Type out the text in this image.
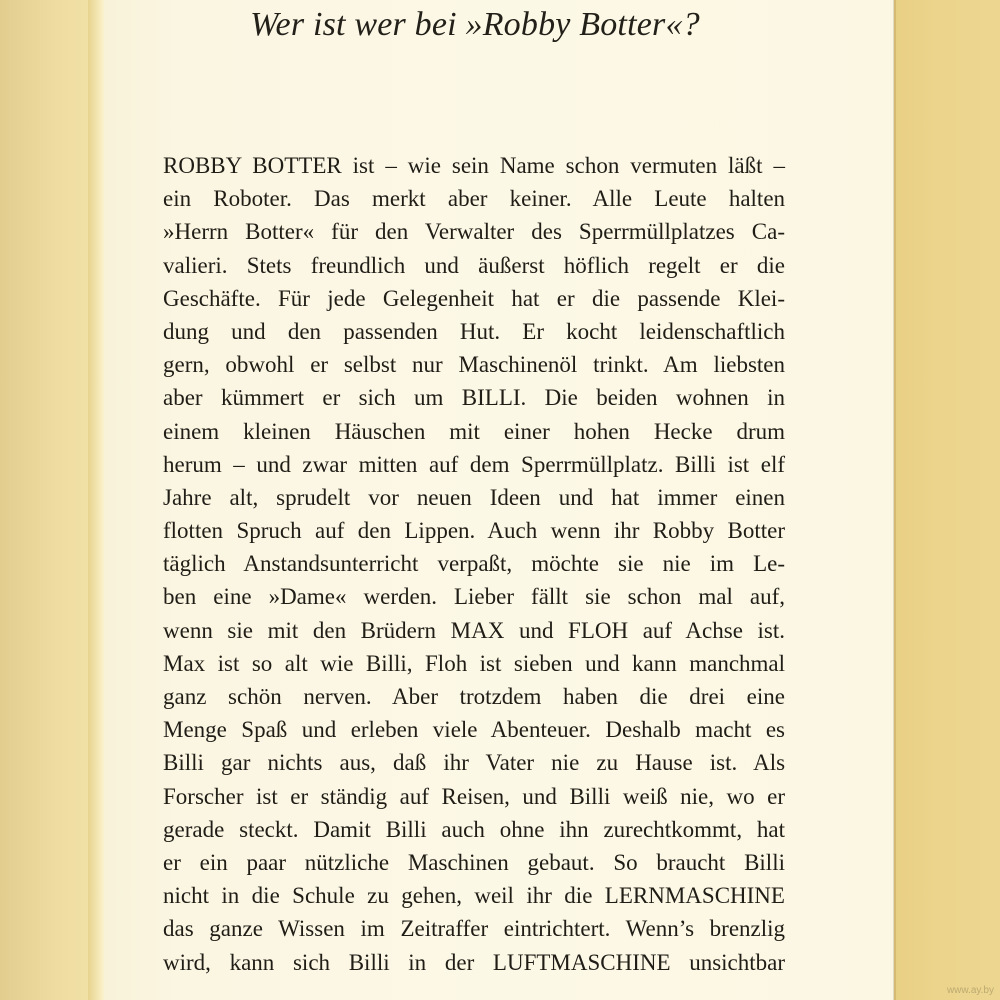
Wer ist wer bei »Robby Botter«?
ROBBY BOTTER ist – wie sein Name schon vermuten läßt –
ein Roboter. Das merkt aber keiner. Alle Leute halten
»Herrn Botter« für den Verwalter des Sperrmüllplatzes Ca-
valieri. Stets freundlich und äußerst höflich regelt er die
Geschäfte. Für jede Gelegenheit hat er die passende Klei-
dung und den passenden Hut. Er kocht leidenschaftlich
gern, obwohl er selbst nur Maschinenöl trinkt. Am liebsten
aber kümmert er sich um BILLI. Die beiden wohnen in
einem kleinen Häuschen mit einer hohen Hecke drum
herum – und zwar mitten auf dem Sperrmüllplatz. Billi ist elf
Jahre alt, sprudelt vor neuen Ideen und hat immer einen
flotten Spruch auf den Lippen. Auch wenn ihr Robby Botter
täglich Anstandsunterricht verpaßt, möchte sie nie im Le-
ben eine »Dame« werden. Lieber fällt sie schon mal auf,
wenn sie mit den Brüdern MAX und FLOH auf Achse ist.
Max ist so alt wie Billi, Floh ist sieben und kann manchmal
ganz schön nerven. Aber trotzdem haben die drei eine
Menge Spaß und erleben viele Abenteuer. Deshalb macht es
Billi gar nichts aus, daß ihr Vater nie zu Hause ist. Als
Forscher ist er ständig auf Reisen, und Billi weiß nie, wo er
gerade steckt. Damit Billi auch ohne ihn zurechtkommt, hat
er ein paar nützliche Maschinen gebaut. So braucht Billi
nicht in die Schule zu gehen, weil ihr die LERNMASCHINE
das ganze Wissen im Zeitraffer eintrichtert. Wenn’s brenzlig
wird, kann sich Billi in der LUFTMASCHINE unsichtbar
www.ay.by
